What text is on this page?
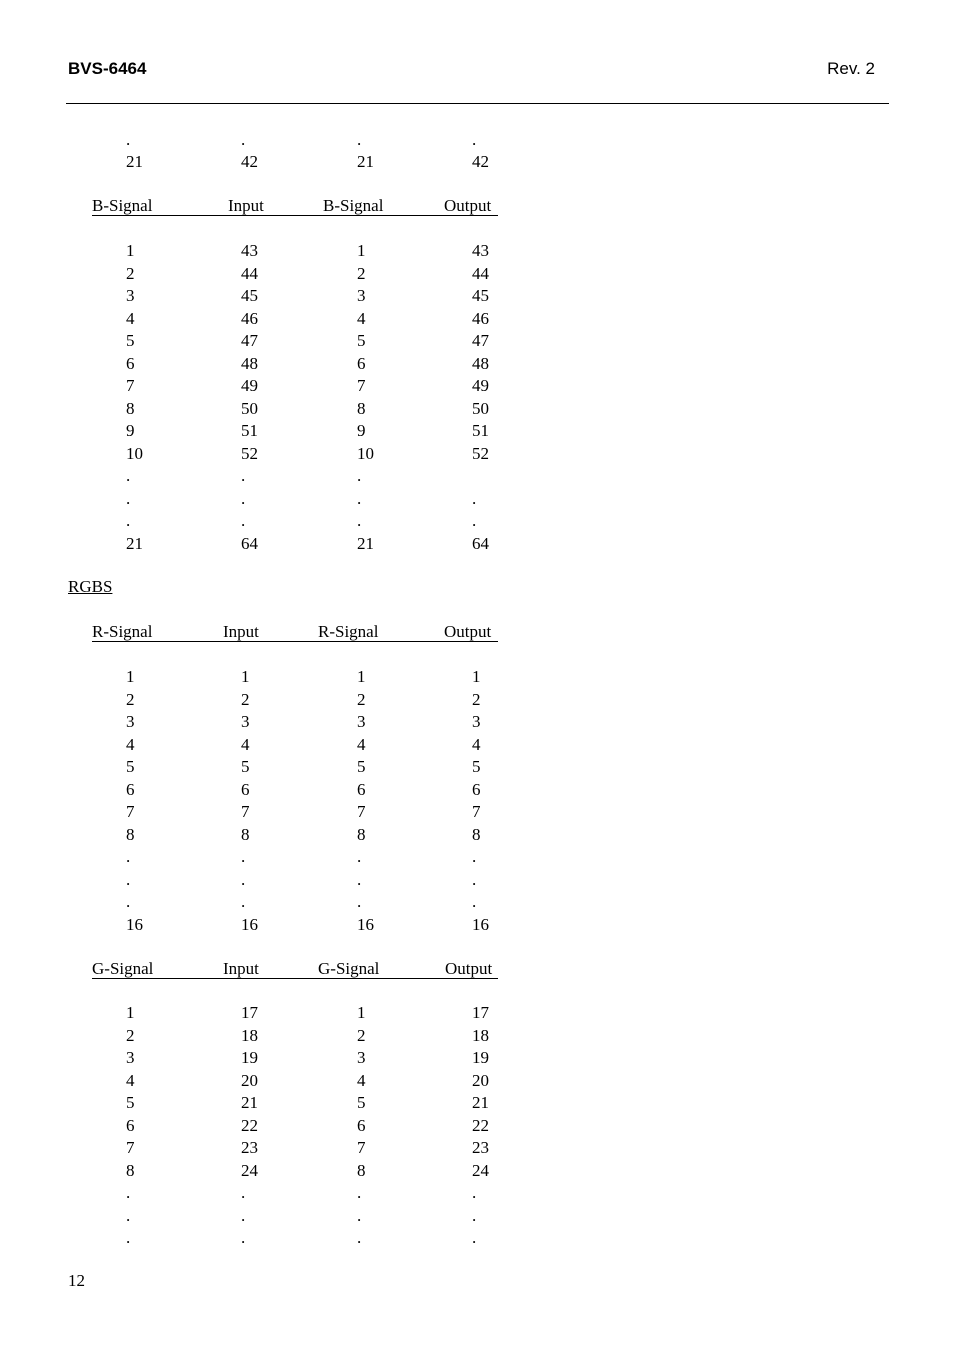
BVS-6464	Rev. 2
.	.	.	.
21	42	21	42
B-Signal	Input	B-Signal	Output
1	43	1	43
2	44	2	44
3	45	3	45
4	46	4	46
5	47	5	47
6	48	6	48
7	49	7	49
8	50	8	50
9	51	9	51
10	52	10	52
.	.	.
.	.	.	.
.	.	.	.
21	64	21	64
RGBS
R-Signal	Input	R-Signal	Output
1	1	1	1
2	2	2	2
3	3	3	3
4	4	4	4
5	5	5	5
6	6	6	6
7	7	7	7
8	8	8	8
.	.	.	.
.	.	.	.
.	.	.	.
16	16	16	16
G-Signal	Input	G-Signal	Output
1	17	1	17
2	18	2	18
3	19	3	19
4	20	4	20
5	21	5	21
6	22	6	22
7	23	7	23
8	24	8	24
.	.	.	.
.	.	.	.
.	.	.	.
12
